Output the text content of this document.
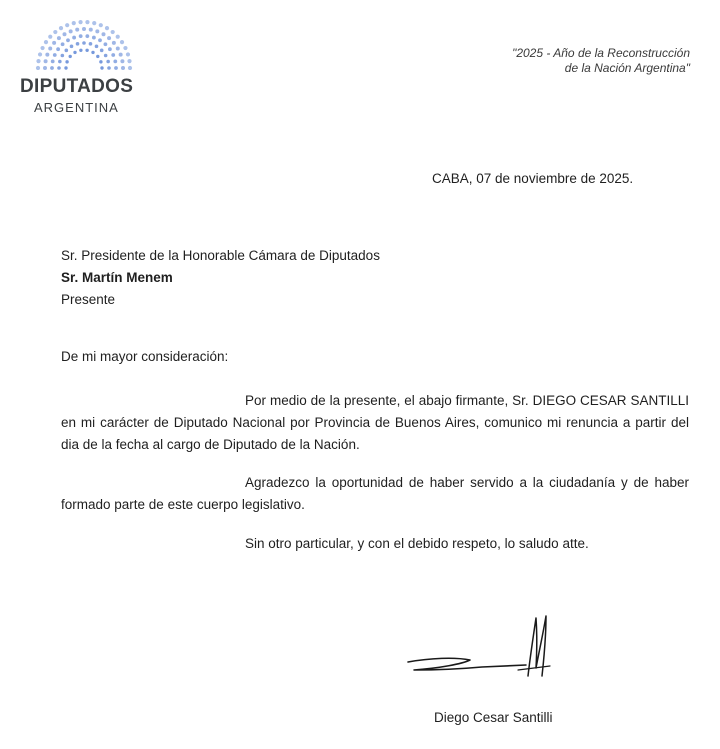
DIPUTADOS
ARGENTINA
"2025 - Año de la Reconstrucción
de la Nación Argentina"
CABA, 07 de noviembre de 2025.
Sr. Presidente de la Honorable Cámara de Diputados
Sr. Martín Menem
Presente
De mi mayor consideración:
Por medio de la presente, el abajo firmante, Sr. DIEGO CESAR SANTILLI en mi carácter de Diputado Nacional por Provincia de Buenos Aires, comunico mi renuncia a partir del dia de la fecha al cargo de Diputado de la Nación.
Agradezco la oportunidad de haber servido a la ciudadanía y de haber formado parte de este cuerpo legislativo.
Sin otro particular, y con el debido respeto, lo saludo atte.
Diego Cesar Santilli
